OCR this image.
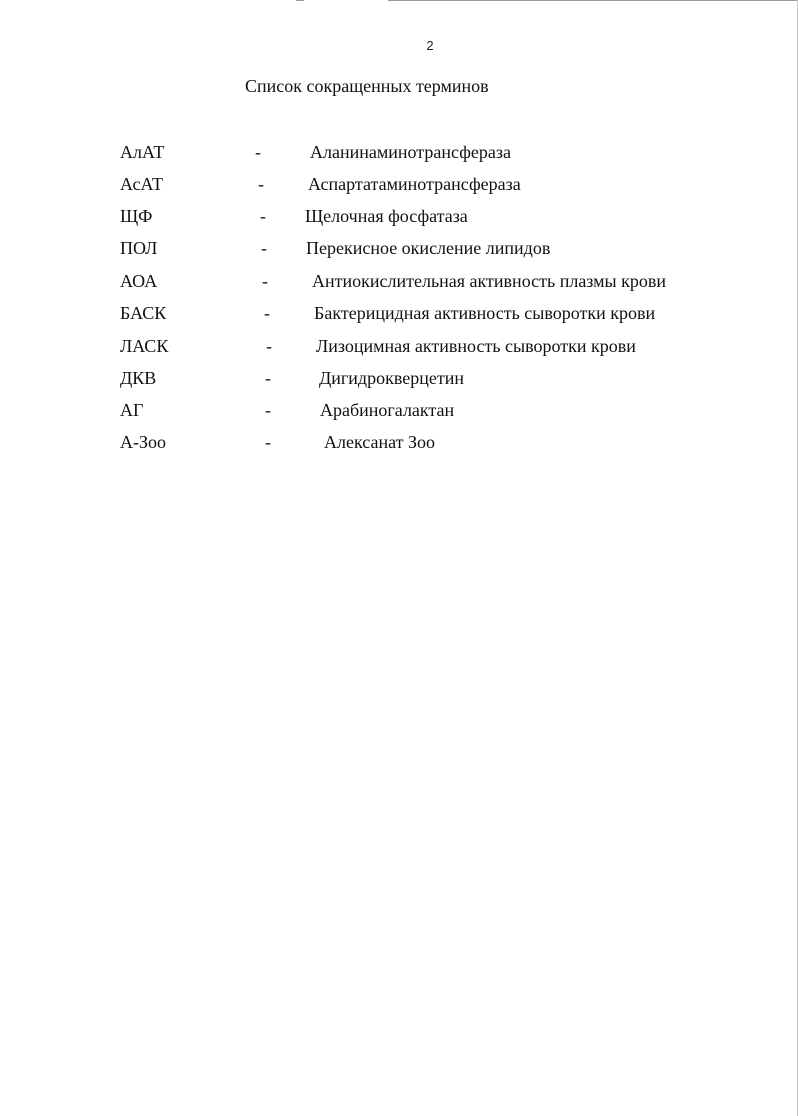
2
Список сокращенных терминов
АлАТ	-	Аланинаминотрансфераза
АсАТ	- Аспартатаминотрансфераза
ЩФ	- Щелочная фосфатаза
ПОЛ	- Перекисное окисление липидов
АОА	- Антиокислительная активность плазмы крови
БАСК	- Бактерицидная активность сыворотки крови
ЛАСК	- Лизоцимная активность сыворотки крови
ДКВ	-	Дигидрокверцетин
АГ	-	Арабиногалактан
А-Зоо	-	Алексанат Зоо
